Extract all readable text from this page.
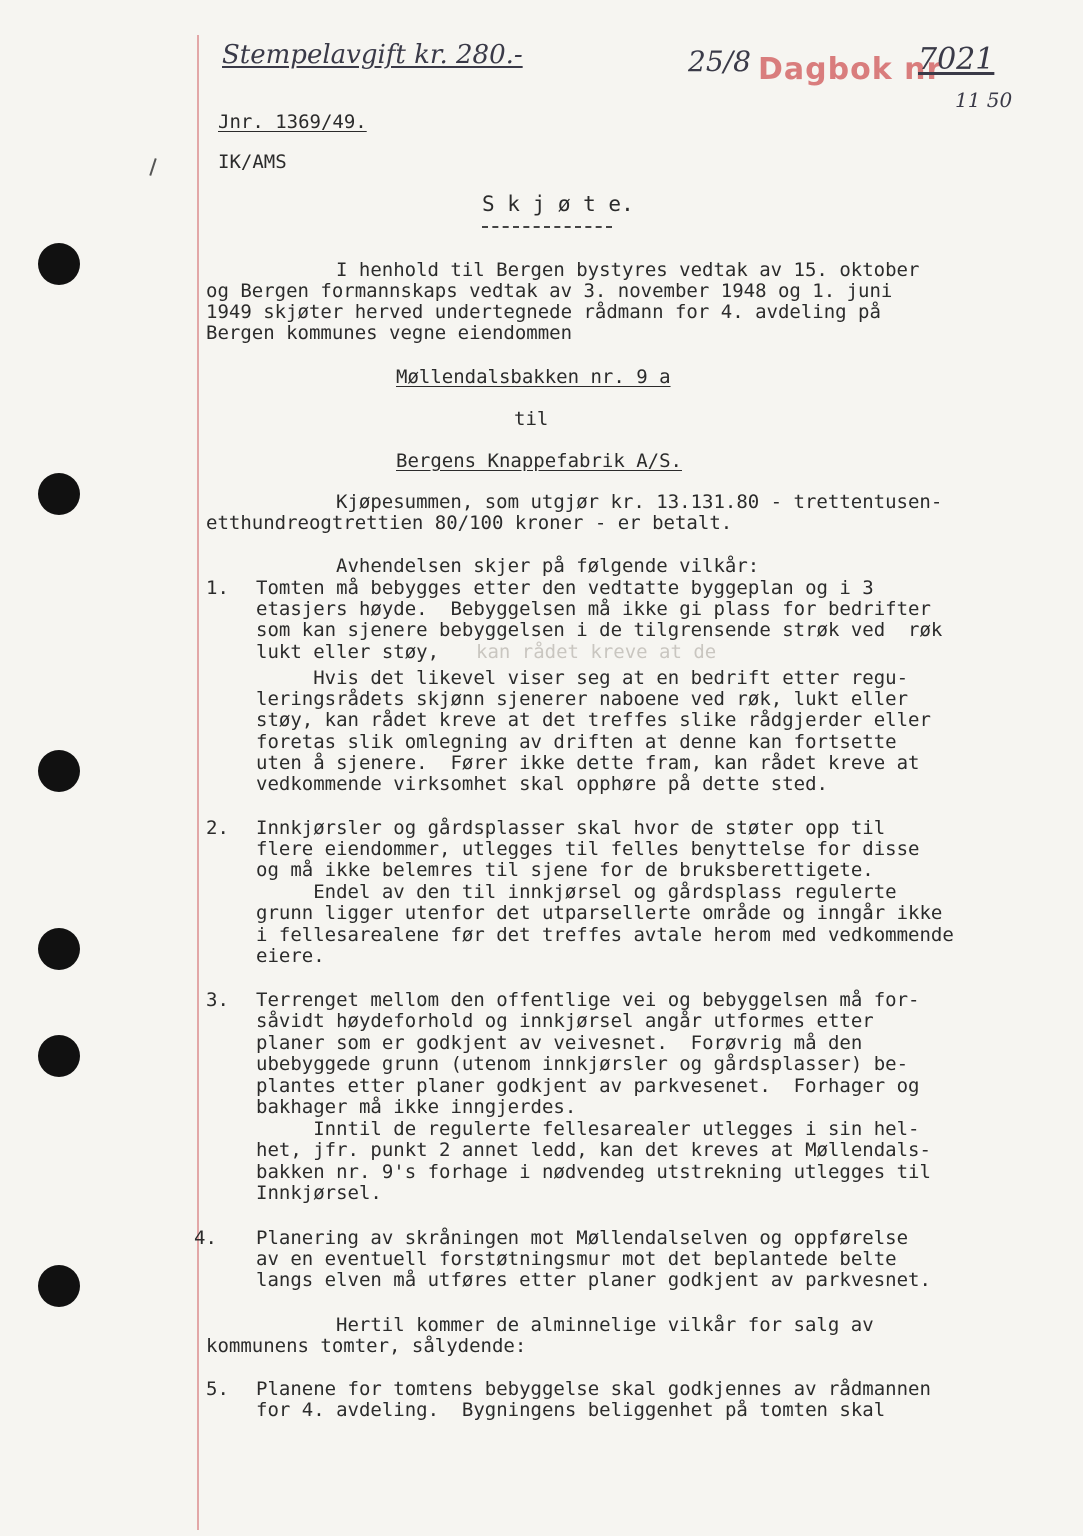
Stempelavgift kr. 280.-	25/8 Dagbok nr
7021
11 50
Jnr. 1369/49.
IK/AMS
S k j ø t e.
I henhold til Bergen bystyres vedtak av 15. oktober
og Bergen formannskaps vedtak av 3. november 1948 og 1. juni
1949 skjøter herved undertegnede rådmann for 4. avdeling på
Bergen kommunes vegne eiendommen
Møllendalsbakken nr. 9 a
til
Bergens Knappefabrik A/S.
Kjøpesummen, som utgjør kr. 13.131.80 - trettentusen-
etthundreogtrettien 80/100 kroner - er betalt.
Avhendelsen skjer på følgende vilkår:
1. Tomten må bebygges etter den vedtatte byggeplan og i 3
etasjers høyde.  Bebyggelsen må ikke gi plass for bedrifter
som kan sjenere bebyggelsen i de tilgrensende strøk ved  røk
lukt eller støy, kan rådet kreve at de
Hvis det likevel viser seg at en bedrift etter regu-
leringsrådets skjønn sjenerer naboene ved røk, lukt eller
støy, kan rådet kreve at det treffes slike rådgjerder eller
foretas slik omlegning av driften at denne kan fortsette
uten å sjenere.  Fører ikke dette fram, kan rådet kreve at
vedkommende virksomhet skal opphøre på dette sted.
2. Innkjørsler og gårdsplasser skal hvor de støter opp til
flere eiendommer, utlegges til felles benyttelse for disse
og må ikke belemres til sjene for de bruksberettigete.
Endel av den til innkjørsel og gårdsplass regulerte
grunn ligger utenfor det utparsellerte område og inngår ikke
i fellesarealene før det treffes avtale herom med vedkommende
eiere.
3. Terrenget mellom den offentlige vei og bebyggelsen må for-
såvidt høydeforhold og innkjørsel angår utformes etter
planer som er godkjent av veivesnet.  Forøvrig må den
ubebyggede grunn (utenom innkjørsler og gårdsplasser) be-
plantes etter planer godkjent av parkvesenet.  Forhager og
bakhager må ikke inngjerdes.
Inntil de regulerte fellesarealer utlegges i sin hel-
het, jfr. punkt 2 annet ledd, kan det kreves at Møllendals-
bakken nr. 9's forhage i nødvendeg utstrekning utlegges til
Innkjørsel.
4. Planering av skråningen mot Møllendalselven og oppførelse
av en eventuell forstøtningsmur mot det beplantede belte
langs elven må utføres etter planer godkjent av parkvesnet.
Hertil kommer de alminnelige vilkår for salg av
kommunens tomter, sålydende:
5. Planene for tomtens bebyggelse skal godkjennes av rådmannen
for 4. avdeling.  Bygningens beliggenhet på tomten skal
